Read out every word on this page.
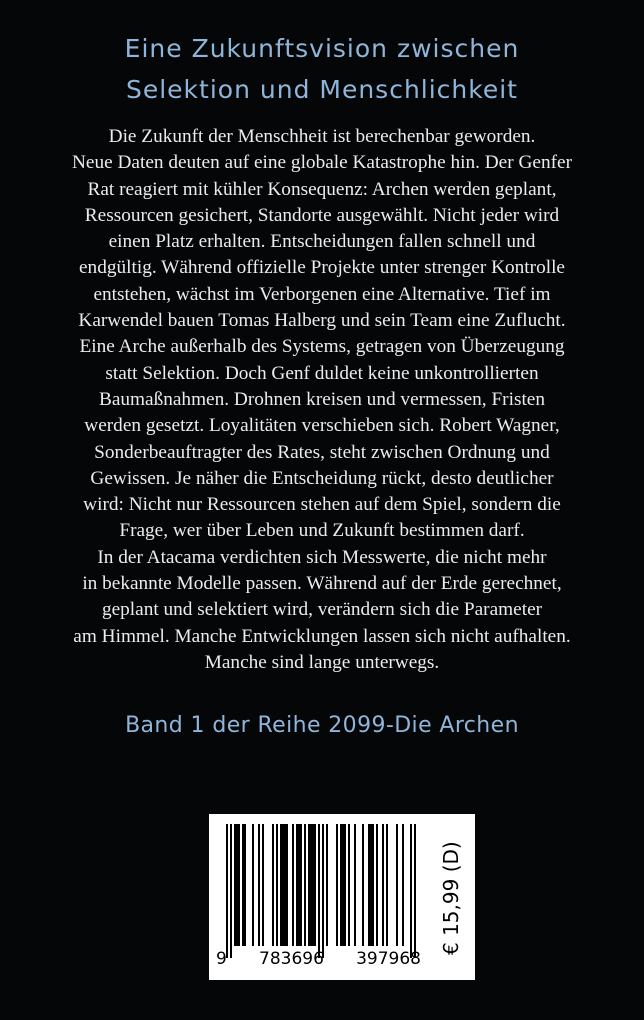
Eine Zukunftsvision zwischen
Selektion und Menschlichkeit
Die Zukunft der Menschheit ist berechenbar geworden.
Neue Daten deuten auf eine globale Katastrophe hin. Der Genfer
Rat reagiert mit kühler Konsequenz: Archen werden geplant,
Ressourcen gesichert, Standorte ausgewählt. Nicht jeder wird
einen Platz erhalten. Entscheidungen fallen schnell und
endgültig. Während offizielle Projekte unter strenger Kontrolle
entstehen, wächst im Verborgenen eine Alternative. Tief im
Karwendel bauen Tomas Halberg und sein Team eine Zuflucht.
Eine Arche außerhalb des Systems, getragen von Überzeugung
statt Selektion. Doch Genf duldet keine unkontrollierten
Baumaßnahmen. Drohnen kreisen und vermessen, Fristen
werden gesetzt. Loyalitäten verschieben sich. Robert Wagner,
Sonderbeauftragter des Rates, steht zwischen Ordnung und
Gewissen. Je näher die Entscheidung rückt, desto deutlicher
wird: Nicht nur Ressourcen stehen auf dem Spiel, sondern die
Frage, wer über Leben und Zukunft bestimmen darf.
In der Atacama verdichten sich Messwerte, die nicht mehr
in bekannte Modelle passen. Während auf der Erde gerechnet,
geplant und selektiert wird, verändern sich die Parameter
am Himmel. Manche Entwicklungen lassen sich nicht aufhalten.
Manche sind lange unterwegs.
Band 1 der Reihe 2099-Die Archen
9 783696 397968
€ 15,99 (D)
